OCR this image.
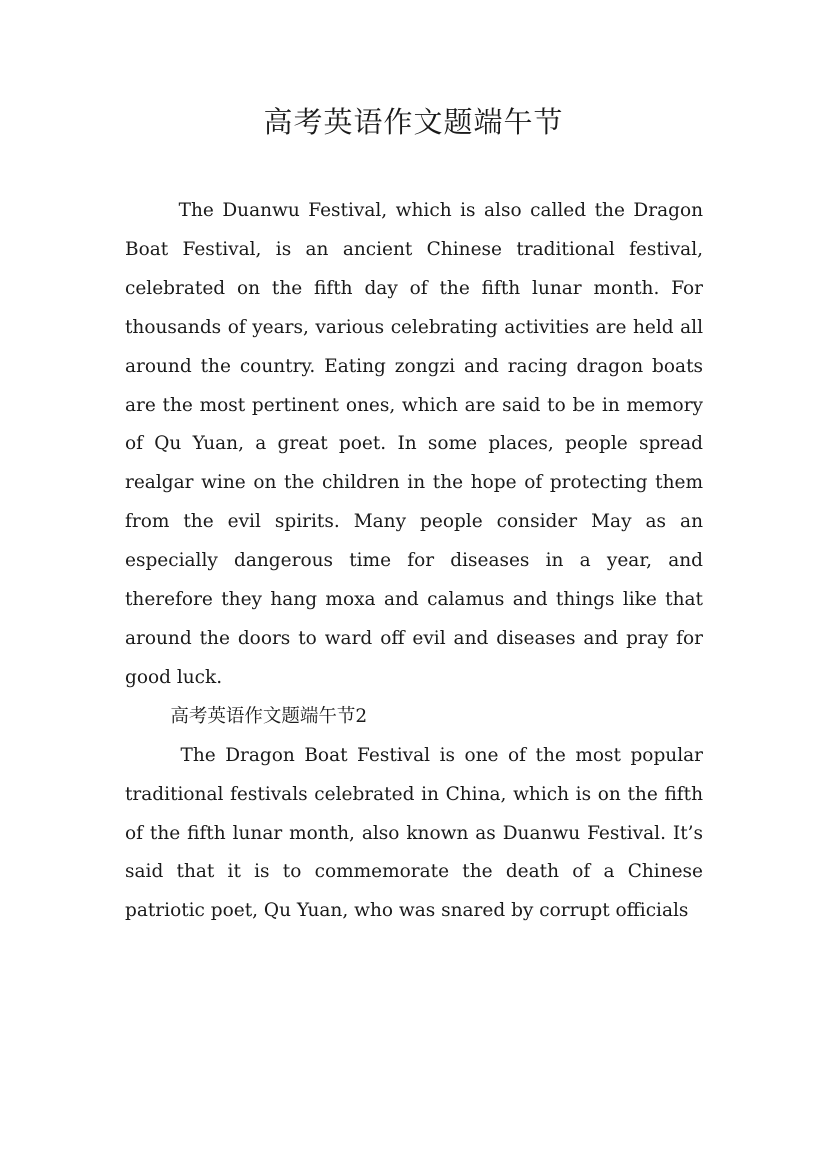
高考英语作文题端午节

The Duanwu Festival, which is also called the Dragon Boat Festival, is an ancient Chinese traditional festival, celebrated on the fifth day of the fifth lunar month. For thousands of years, various celebrating activities are held all around the country. Eating zongzi and racing dragon boats are the most pertinent ones, which are said to be in memory of Qu Yuan, a great poet. In some places, people spread realgar wine on the children in the hope of protecting them from the evil spirits. Many people consider May as an especially dangerous time for diseases in a year, and therefore they hang moxa and calamus and things like that around the doors to ward off evil and diseases and pray for good luck.

高考英语作文题端午节2

The Dragon Boat Festival is one of the most popular traditional festivals celebrated in China, which is on the fifth of the fifth lunar month, also known as Duanwu Festival. It’s said that it is to commemorate the death of a Chinese patriotic poet, Qu Yuan, who was snared by corrupt officials
